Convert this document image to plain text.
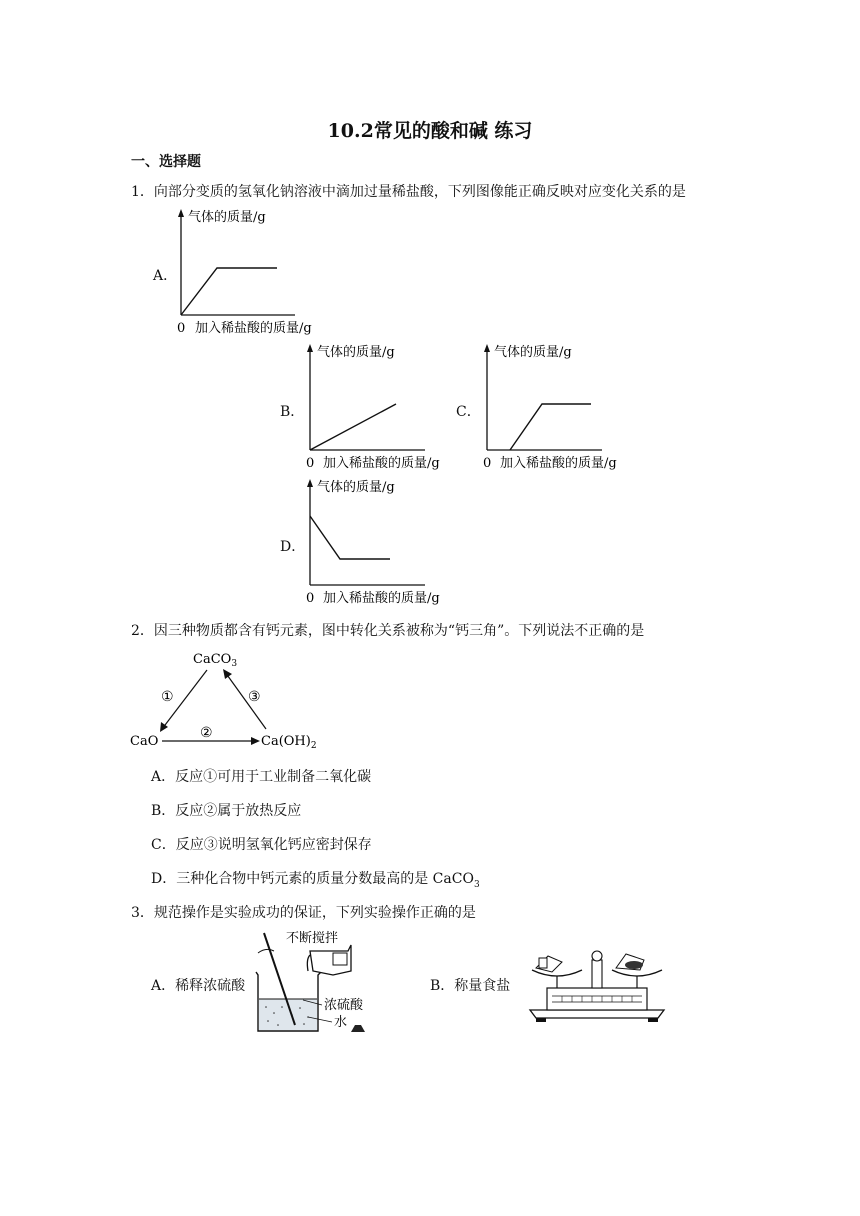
10.2常见的酸和碱 练习
一、选择题
1．向部分变质的氢氧化钠溶液中滴加过量稀盐酸，下列图像能正确反映对应变化关系的是
A．
气体的质量/g
0 加入稀盐酸的质量/g
B．
气体的质量/g
0 加入稀盐酸的质量/g
C．
气体的质量/g
0 加入稀盐酸的质量/g
D．
气体的质量/g
0 加入稀盐酸的质量/g
2．因三种物质都含有钙元素，图中转化关系被称为“钙三角”。下列说法不正确的是
CaCO$_3$
CaO	$Ca(OH)_2$
①
②
③
A．反应①可用于工业制备二氧化碳
B．反应②属于放热反应
C．反应③说明氢氧化钙应密封保存
D．三种化合物中钙元素的质量分数最高的是 CaCO$_3$
3．规范操作是实验成功的保证，下列实验操作正确的是
A．稀释浓硫酸
不断搅拌
浓硫酸
水
B．称量食盐
